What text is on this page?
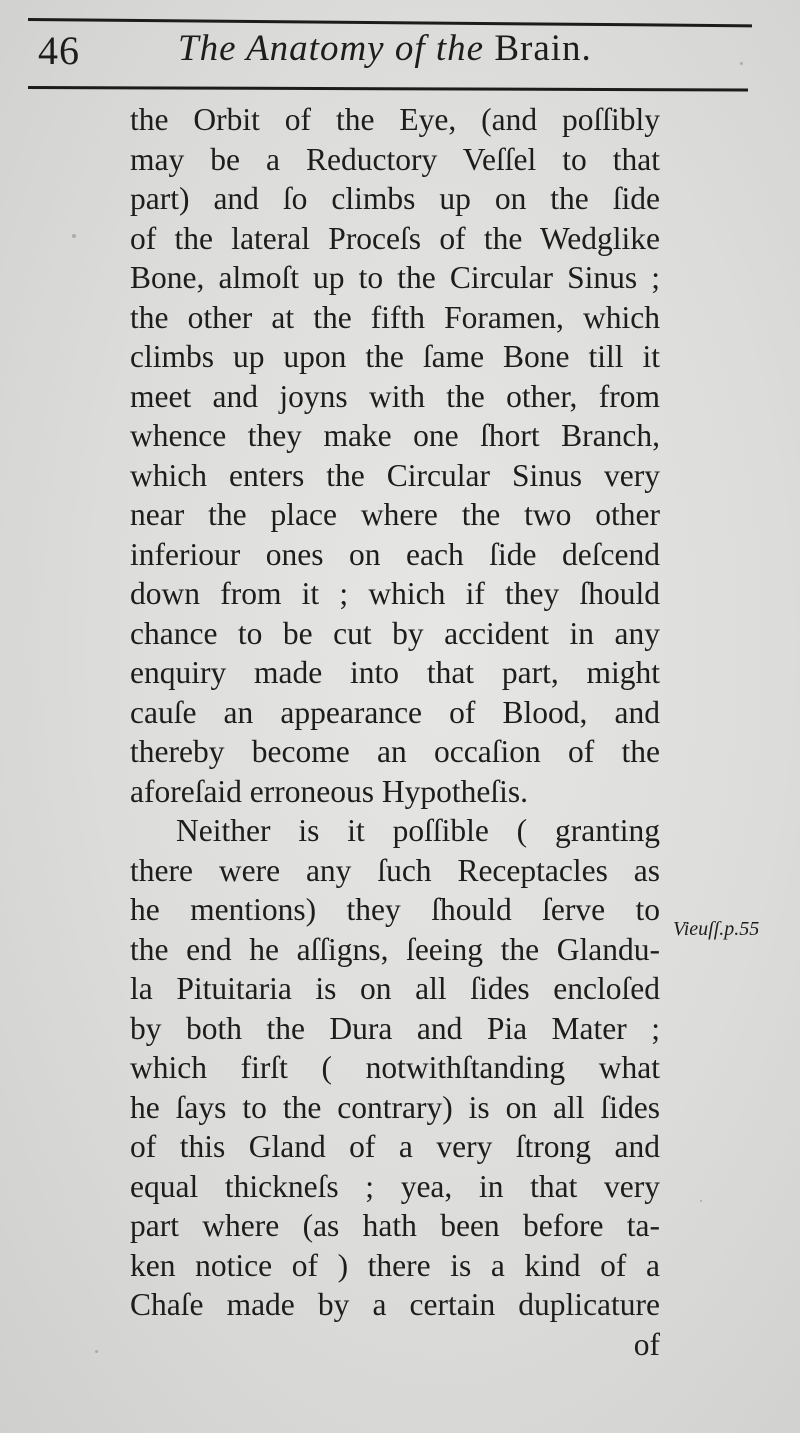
46	The Anatomy of the Brain.
the Orbit of the Eye, (and poſſibly
may be a Reductory Veſſel to that
part) and ſo climbs up on the ſide
of the lateral Proceſs of the Wedglike
Bone, almoſt up to the Circular Sinus ;
the other at the fifth Foramen, which
climbs up upon the ſame Bone till it
meet and joyns with the other, from
whence they make one ſhort Branch,
which enters the Circular Sinus very
near the place where the two other
inferiour ones on each ſide deſcend
down from it ; which if they ſhould
chance to be cut by accident in any
enquiry made into that part, might
cauſe an appearance of Blood, and
thereby become an occaſion of the
aforeſaid erroneous Hypotheſis.
Neither is it poſſible ( granting
there were any ſuch Receptacles as
he mentions) they ſhould ſerve to
the end he aſſigns, ſeeing the Glandu-
la Pituitaria is on all ſides encloſed
by both the Dura and Pia Mater ;
which firſt ( notwithſtanding what
he ſays to the contrary) is on all ſides
of this Gland of a very ſtrong and
equal thickneſs ; yea, in that very
part where (as hath been before ta-
ken notice of ) there is a kind of a
Chaſe made by a certain duplicature
of
Vieuſſ.p.55
